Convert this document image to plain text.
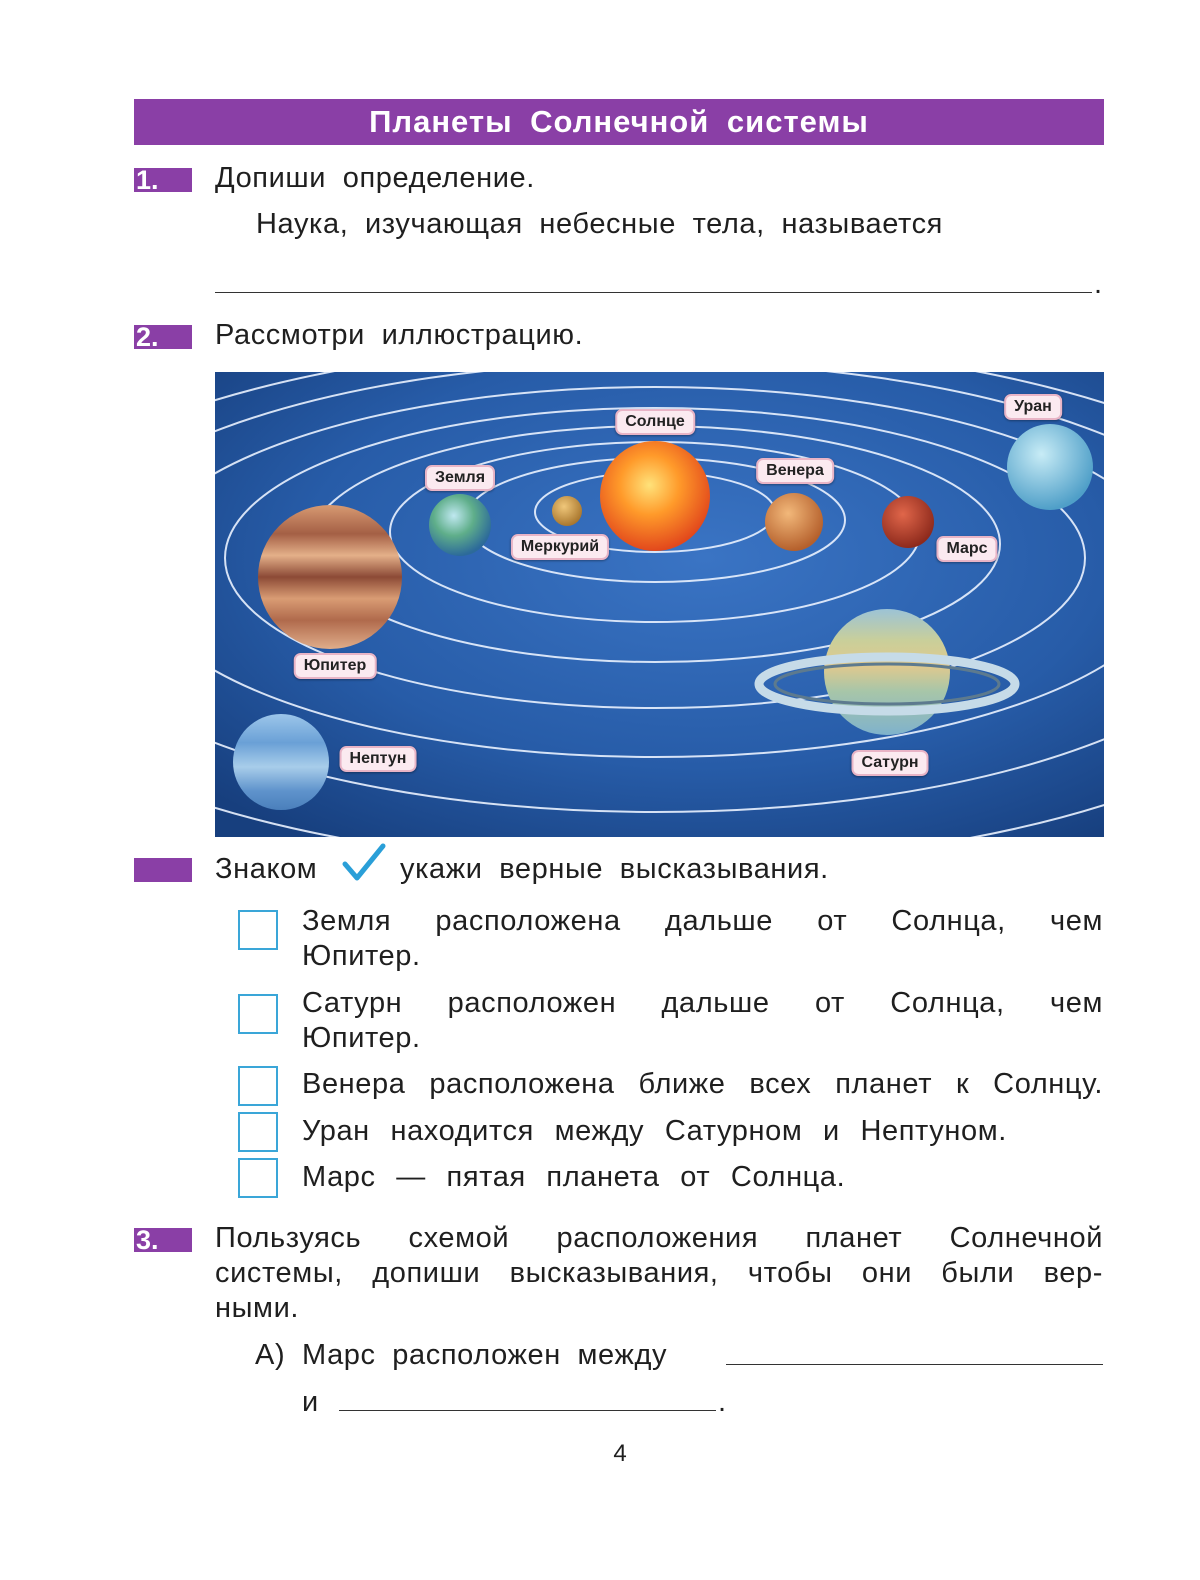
Планеты Солнечной системы
1.	Допиши определение.
Наука, изучающая небесные тела, называется
.
2.	Рассмотри иллюстрацию.
Солнце
Меркурий
Венера
Земля
Марс
Юпитер
Сатурн
Уран
Нептун
Знаком	укажи верные высказывания.
Земля расположена дальше от Солнца, чем
Юпитер.
Сатурн расположен дальше от Солнца, чем
Юпитер.
Венера расположена ближе всех планет к Солнцу.
Уран находится между Сатурном и Нептуном.
Марс — пятая планета от Солнца.
3.	Пользуясь схемой расположения планет Солнечной
системы, допиши высказывания, чтобы они были вер-
ными.
А) Марс расположен между
и	.
4
